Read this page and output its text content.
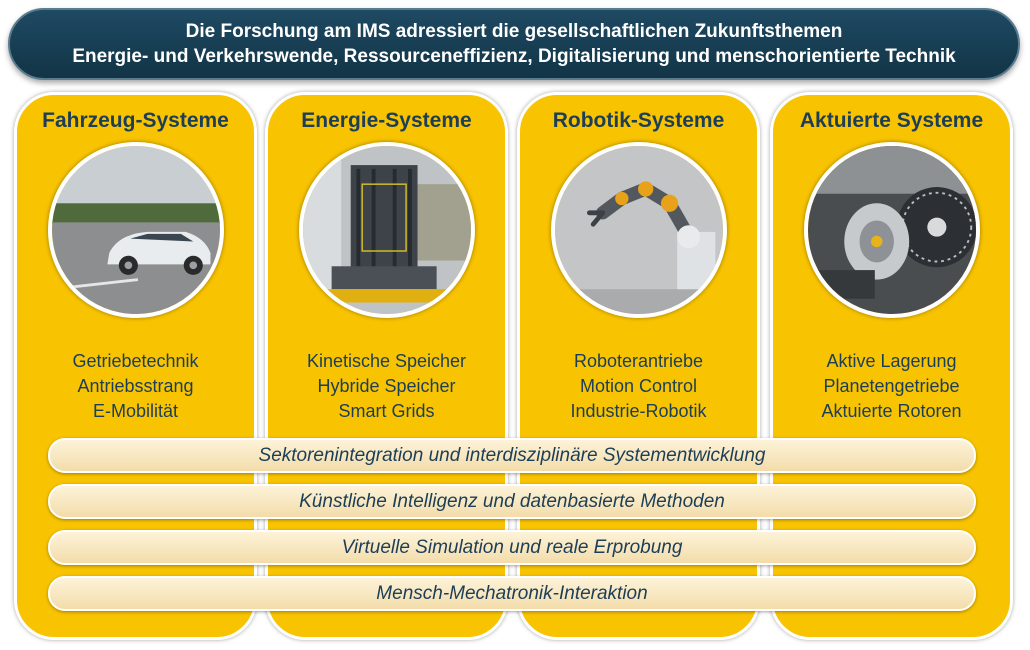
Die Forschung am IMS adressiert die gesellschaftlichen Zukunftsthemen
Energie- und Verkehrswende, Ressourceneffizienz, Digitalisierung und menschorientierte Technik
Fahrzeug-Systeme
Getriebetechnik
Antriebsstrang
E-Mobilität
Energie-Systeme
Kinetische Speicher
Hybride Speicher
Smart Grids
Robotik-Systeme
Roboterantriebe
Motion Control
Industrie-Robotik
Aktuierte Systeme
Aktive Lagerung
Planetengetriebe
Aktuierte Rotoren
Sektorenintegration und interdisziplinäre Systementwicklung
Künstliche Intelligenz und datenbasierte Methoden
Virtuelle Simulation und reale Erprobung
Mensch-Mechatronik-Interaktion
